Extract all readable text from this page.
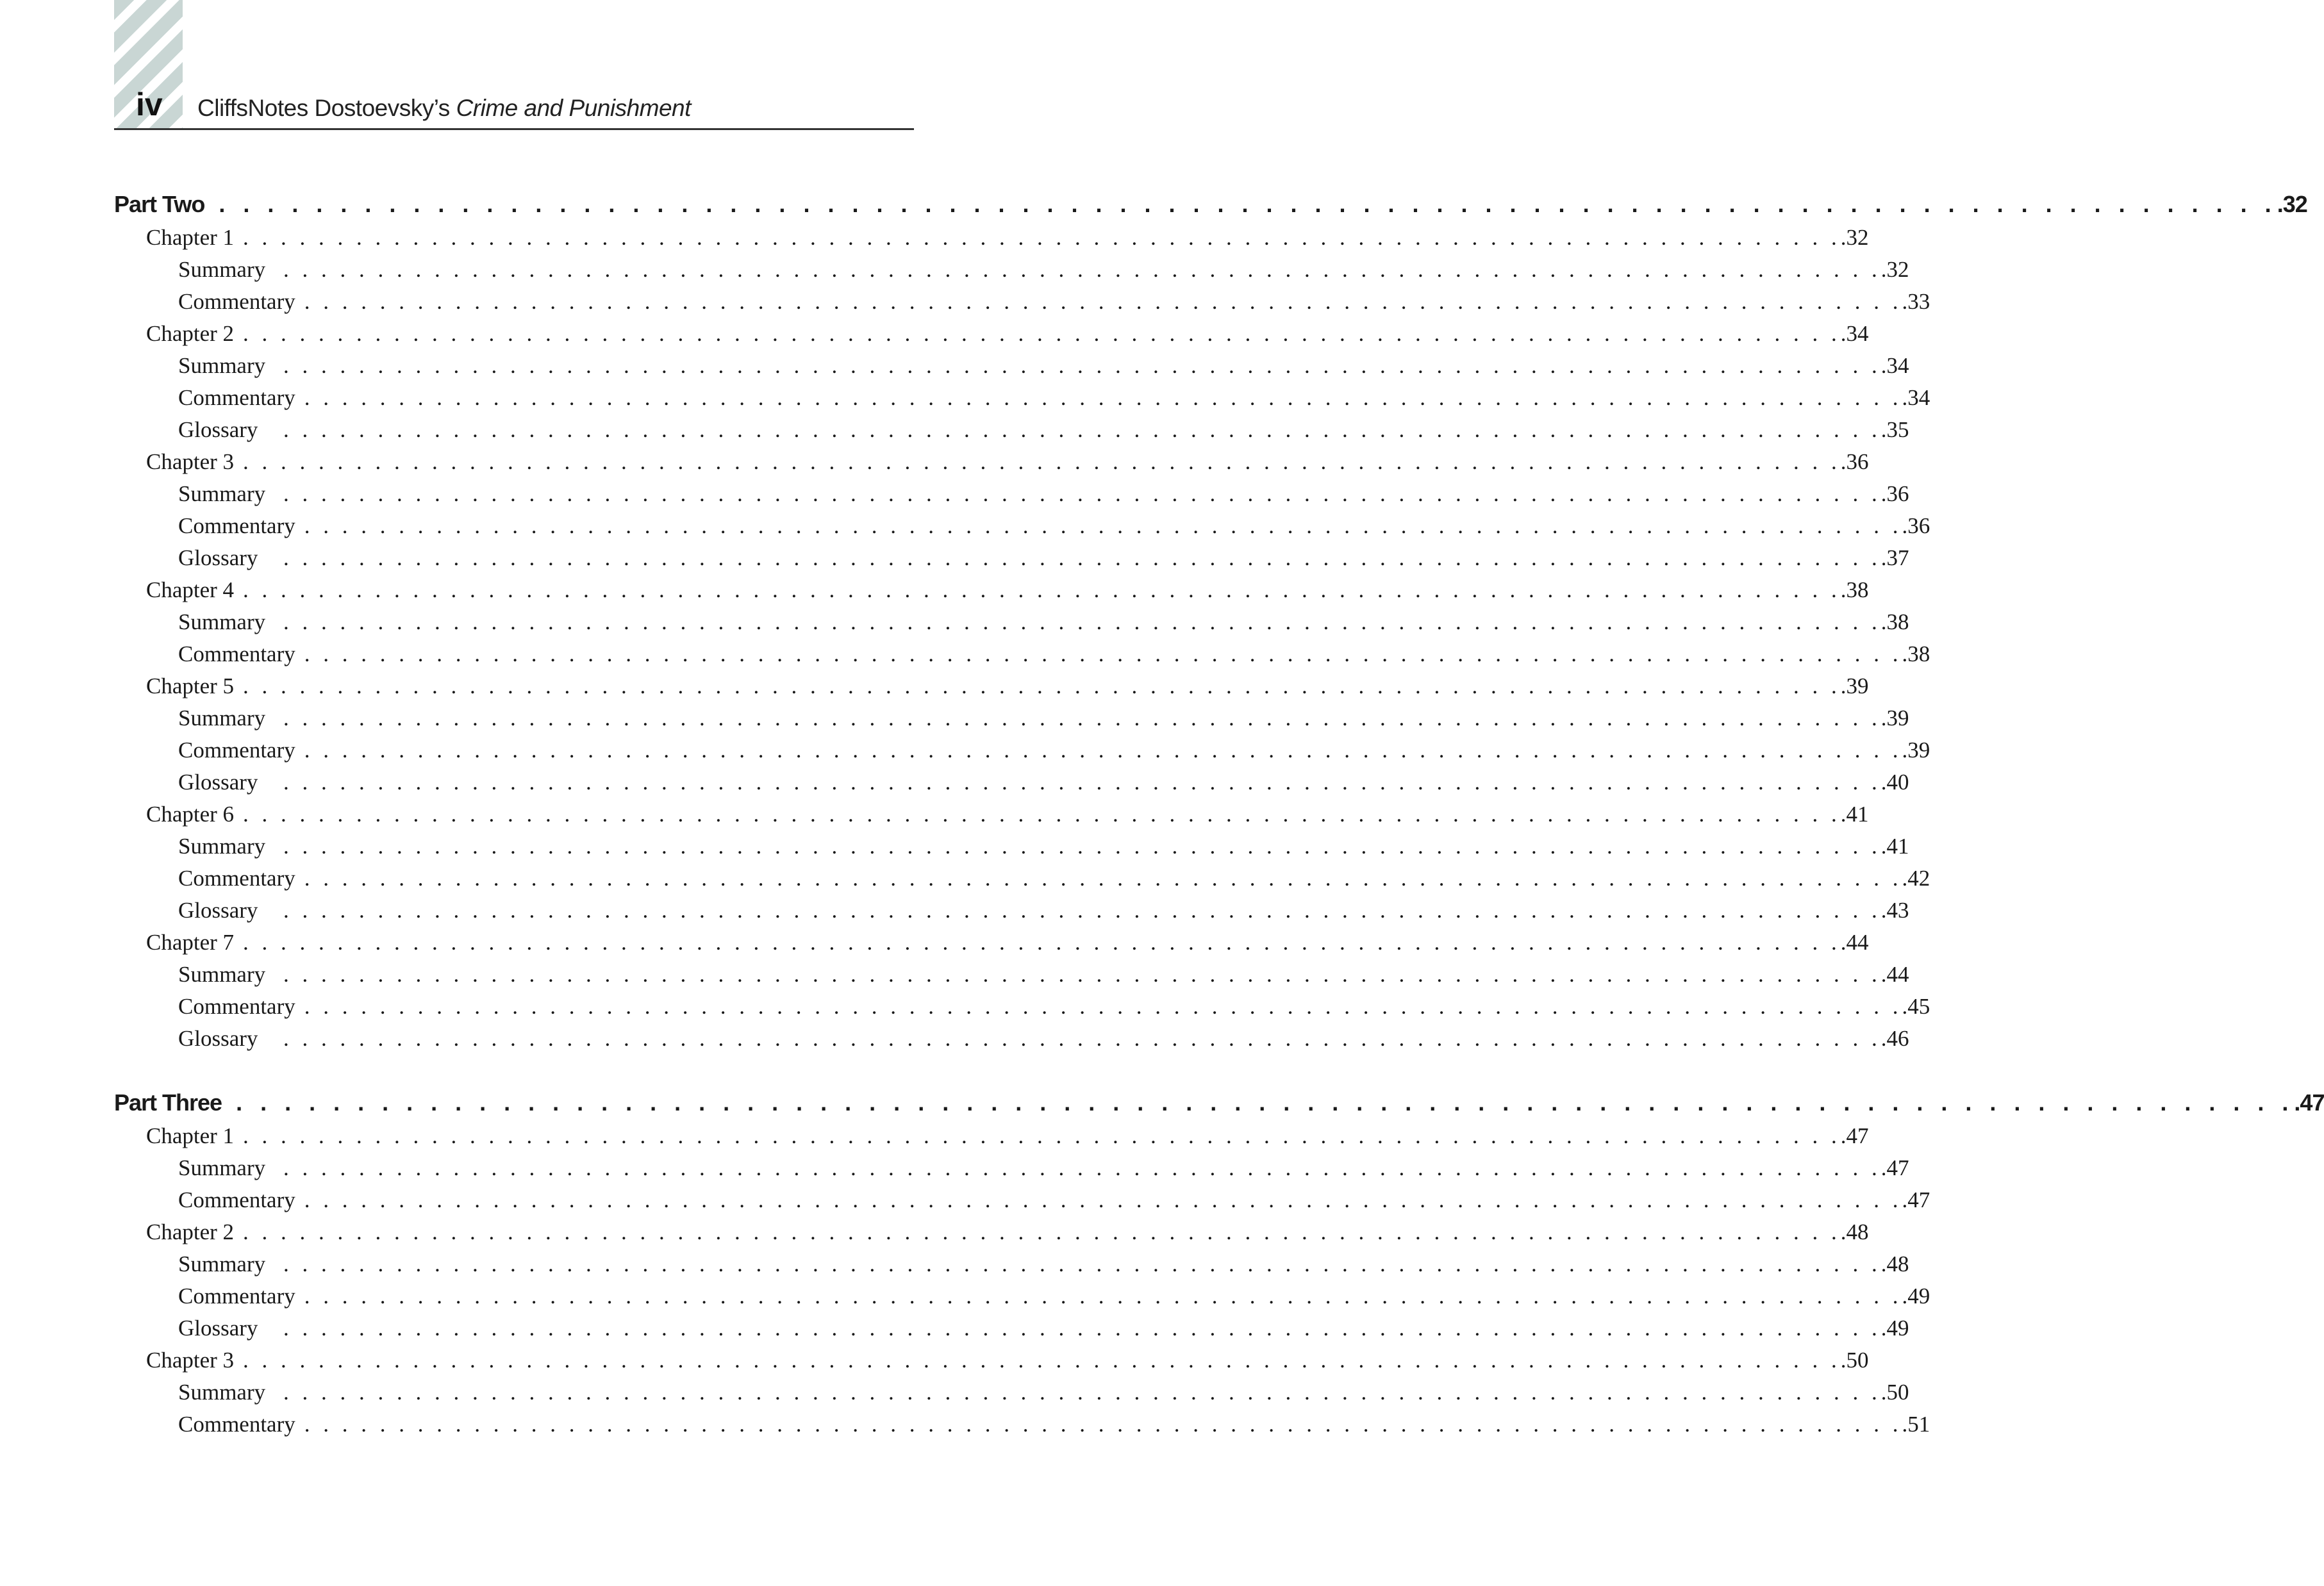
iv CliffsNotes Dostoevsky’s Crime and Punishment
Part Two . . . . . . . . . . . . . . . . . . . . . . . . . . . . . . . . . . . . . . . . . . . . . . . . . . . . . . . . . . . . . . . . . . . . . . . . . . . . . . . . . . . . . .32
Chapter 1 . . . . . . . . . . . . . . . . . . . . . . . . . . . . . . . . . . . . . . . . . . . . . . . . . . . . . . . . . . . . . . . . . . . . . . . . . . . . . . . . . . . . . .32
Summary . . . . . . . . . . . . . . . . . . . . . . . . . . . . . . . . . . . . . . . . . . . . . . . . . . . . . . . . . . . . . . . . . . . . . . . . . . . . . . . . . . . . . .32
Commentary . . . . . . . . . . . . . . . . . . . . . . . . . . . . . . . . . . . . . . . . . . . . . . . . . . . . . . . . . . . . . . . . . . . . . . . . . . . . . . . . . . . . . .33
Chapter 2 . . . . . . . . . . . . . . . . . . . . . . . . . . . . . . . . . . . . . . . . . . . . . . . . . . . . . . . . . . . . . . . . . . . . . . . . . . . . . . . . . . . . . .34
Summary . . . . . . . . . . . . . . . . . . . . . . . . . . . . . . . . . . . . . . . . . . . . . . . . . . . . . . . . . . . . . . . . . . . . . . . . . . . . . . . . . . . . . .34
Commentary . . . . . . . . . . . . . . . . . . . . . . . . . . . . . . . . . . . . . . . . . . . . . . . . . . . . . . . . . . . . . . . . . . . . . . . . . . . . . . . . . . . . . .34
Glossary	. . . . . . . . . . . . . . . . . . . . . . . . . . . . . . . . . . . . . . . . . . . . . . . . . . . . . . . . . . . . . . . . . . . . . . . . . . . . . . . . . . . . . .35
Chapter 3 . . . . . . . . . . . . . . . . . . . . . . . . . . . . . . . . . . . . . . . . . . . . . . . . . . . . . . . . . . . . . . . . . . . . . . . . . . . . . . . . . . . . . .36
Summary . . . . . . . . . . . . . . . . . . . . . . . . . . . . . . . . . . . . . . . . . . . . . . . . . . . . . . . . . . . . . . . . . . . . . . . . . . . . . . . . . . . . . .36
Commentary . . . . . . . . . . . . . . . . . . . . . . . . . . . . . . . . . . . . . . . . . . . . . . . . . . . . . . . . . . . . . . . . . . . . . . . . . . . . . . . . . . . . . .36
Glossary	. . . . . . . . . . . . . . . . . . . . . . . . . . . . . . . . . . . . . . . . . . . . . . . . . . . . . . . . . . . . . . . . . . . . . . . . . . . . . . . . . . . . . .37
Chapter 4 . . . . . . . . . . . . . . . . . . . . . . . . . . . . . . . . . . . . . . . . . . . . . . . . . . . . . . . . . . . . . . . . . . . . . . . . . . . . . . . . . . . . . .38
Summary . . . . . . . . . . . . . . . . . . . . . . . . . . . . . . . . . . . . . . . . . . . . . . . . . . . . . . . . . . . . . . . . . . . . . . . . . . . . . . . . . . . . . .38
Commentary . . . . . . . . . . . . . . . . . . . . . . . . . . . . . . . . . . . . . . . . . . . . . . . . . . . . . . . . . . . . . . . . . . . . . . . . . . . . . . . . . . . . . .38
Chapter 5 . . . . . . . . . . . . . . . . . . . . . . . . . . . . . . . . . . . . . . . . . . . . . . . . . . . . . . . . . . . . . . . . . . . . . . . . . . . . . . . . . . . . . .39
Summary . . . . . . . . . . . . . . . . . . . . . . . . . . . . . . . . . . . . . . . . . . . . . . . . . . . . . . . . . . . . . . . . . . . . . . . . . . . . . . . . . . . . . .39
Commentary . . . . . . . . . . . . . . . . . . . . . . . . . . . . . . . . . . . . . . . . . . . . . . . . . . . . . . . . . . . . . . . . . . . . . . . . . . . . . . . . . . . . . .39
Glossary	. . . . . . . . . . . . . . . . . . . . . . . . . . . . . . . . . . . . . . . . . . . . . . . . . . . . . . . . . . . . . . . . . . . . . . . . . . . . . . . . . . . . . .40
Chapter 6 . . . . . . . . . . . . . . . . . . . . . . . . . . . . . . . . . . . . . . . . . . . . . . . . . . . . . . . . . . . . . . . . . . . . . . . . . . . . . . . . . . . . . .41
Summary . . . . . . . . . . . . . . . . . . . . . . . . . . . . . . . . . . . . . . . . . . . . . . . . . . . . . . . . . . . . . . . . . . . . . . . . . . . . . . . . . . . . . .41
Commentary . . . . . . . . . . . . . . . . . . . . . . . . . . . . . . . . . . . . . . . . . . . . . . . . . . . . . . . . . . . . . . . . . . . . . . . . . . . . . . . . . . . . . .42
Glossary	. . . . . . . . . . . . . . . . . . . . . . . . . . . . . . . . . . . . . . . . . . . . . . . . . . . . . . . . . . . . . . . . . . . . . . . . . . . . . . . . . . . . . .43
Chapter 7 . . . . . . . . . . . . . . . . . . . . . . . . . . . . . . . . . . . . . . . . . . . . . . . . . . . . . . . . . . . . . . . . . . . . . . . . . . . . . . . . . . . . . .44
Summary . . . . . . . . . . . . . . . . . . . . . . . . . . . . . . . . . . . . . . . . . . . . . . . . . . . . . . . . . . . . . . . . . . . . . . . . . . . . . . . . . . . . . .44
Commentary . . . . . . . . . . . . . . . . . . . . . . . . . . . . . . . . . . . . . . . . . . . . . . . . . . . . . . . . . . . . . . . . . . . . . . . . . . . . . . . . . . . . . .45
Glossary	. . . . . . . . . . . . . . . . . . . . . . . . . . . . . . . . . . . . . . . . . . . . . . . . . . . . . . . . . . . . . . . . . . . . . . . . . . . . . . . . . . . . . .46
Part Three . . . . . . . . . . . . . . . . . . . . . . . . . . . . . . . . . . . . . . . . . . . . . . . . . . . . . . . . . . . . . . . . . . . . . . . . . . . . . . . . . . . . . .47
Chapter 1 . . . . . . . . . . . . . . . . . . . . . . . . . . . . . . . . . . . . . . . . . . . . . . . . . . . . . . . . . . . . . . . . . . . . . . . . . . . . . . . . . . . . . .47
Summary . . . . . . . . . . . . . . . . . . . . . . . . . . . . . . . . . . . . . . . . . . . . . . . . . . . . . . . . . . . . . . . . . . . . . . . . . . . . . . . . . . . . . .47
Commentary . . . . . . . . . . . . . . . . . . . . . . . . . . . . . . . . . . . . . . . . . . . . . . . . . . . . . . . . . . . . . . . . . . . . . . . . . . . . . . . . . . . . . .47
Chapter 2 . . . . . . . . . . . . . . . . . . . . . . . . . . . . . . . . . . . . . . . . . . . . . . . . . . . . . . . . . . . . . . . . . . . . . . . . . . . . . . . . . . . . . .48
Summary . . . . . . . . . . . . . . . . . . . . . . . . . . . . . . . . . . . . . . . . . . . . . . . . . . . . . . . . . . . . . . . . . . . . . . . . . . . . . . . . . . . . . .48
Commentary . . . . . . . . . . . . . . . . . . . . . . . . . . . . . . . . . . . . . . . . . . . . . . . . . . . . . . . . . . . . . . . . . . . . . . . . . . . . . . . . . . . . . .49
Glossary	. . . . . . . . . . . . . . . . . . . . . . . . . . . . . . . . . . . . . . . . . . . . . . . . . . . . . . . . . . . . . . . . . . . . . . . . . . . . . . . . . . . . . .49
Chapter 3 . . . . . . . . . . . . . . . . . . . . . . . . . . . . . . . . . . . . . . . . . . . . . . . . . . . . . . . . . . . . . . . . . . . . . . . . . . . . . . . . . . . . . .50
Summary . . . . . . . . . . . . . . . . . . . . . . . . . . . . . . . . . . . . . . . . . . . . . . . . . . . . . . . . . . . . . . . . . . . . . . . . . . . . . . . . . . . . . .50
Commentary . . . . . . . . . . . . . . . . . . . . . . . . . . . . . . . . . . . . . . . . . . . . . . . . . . . . . . . . . . . . . . . . . . . . . . . . . . . . . . . . . . . . . .51
